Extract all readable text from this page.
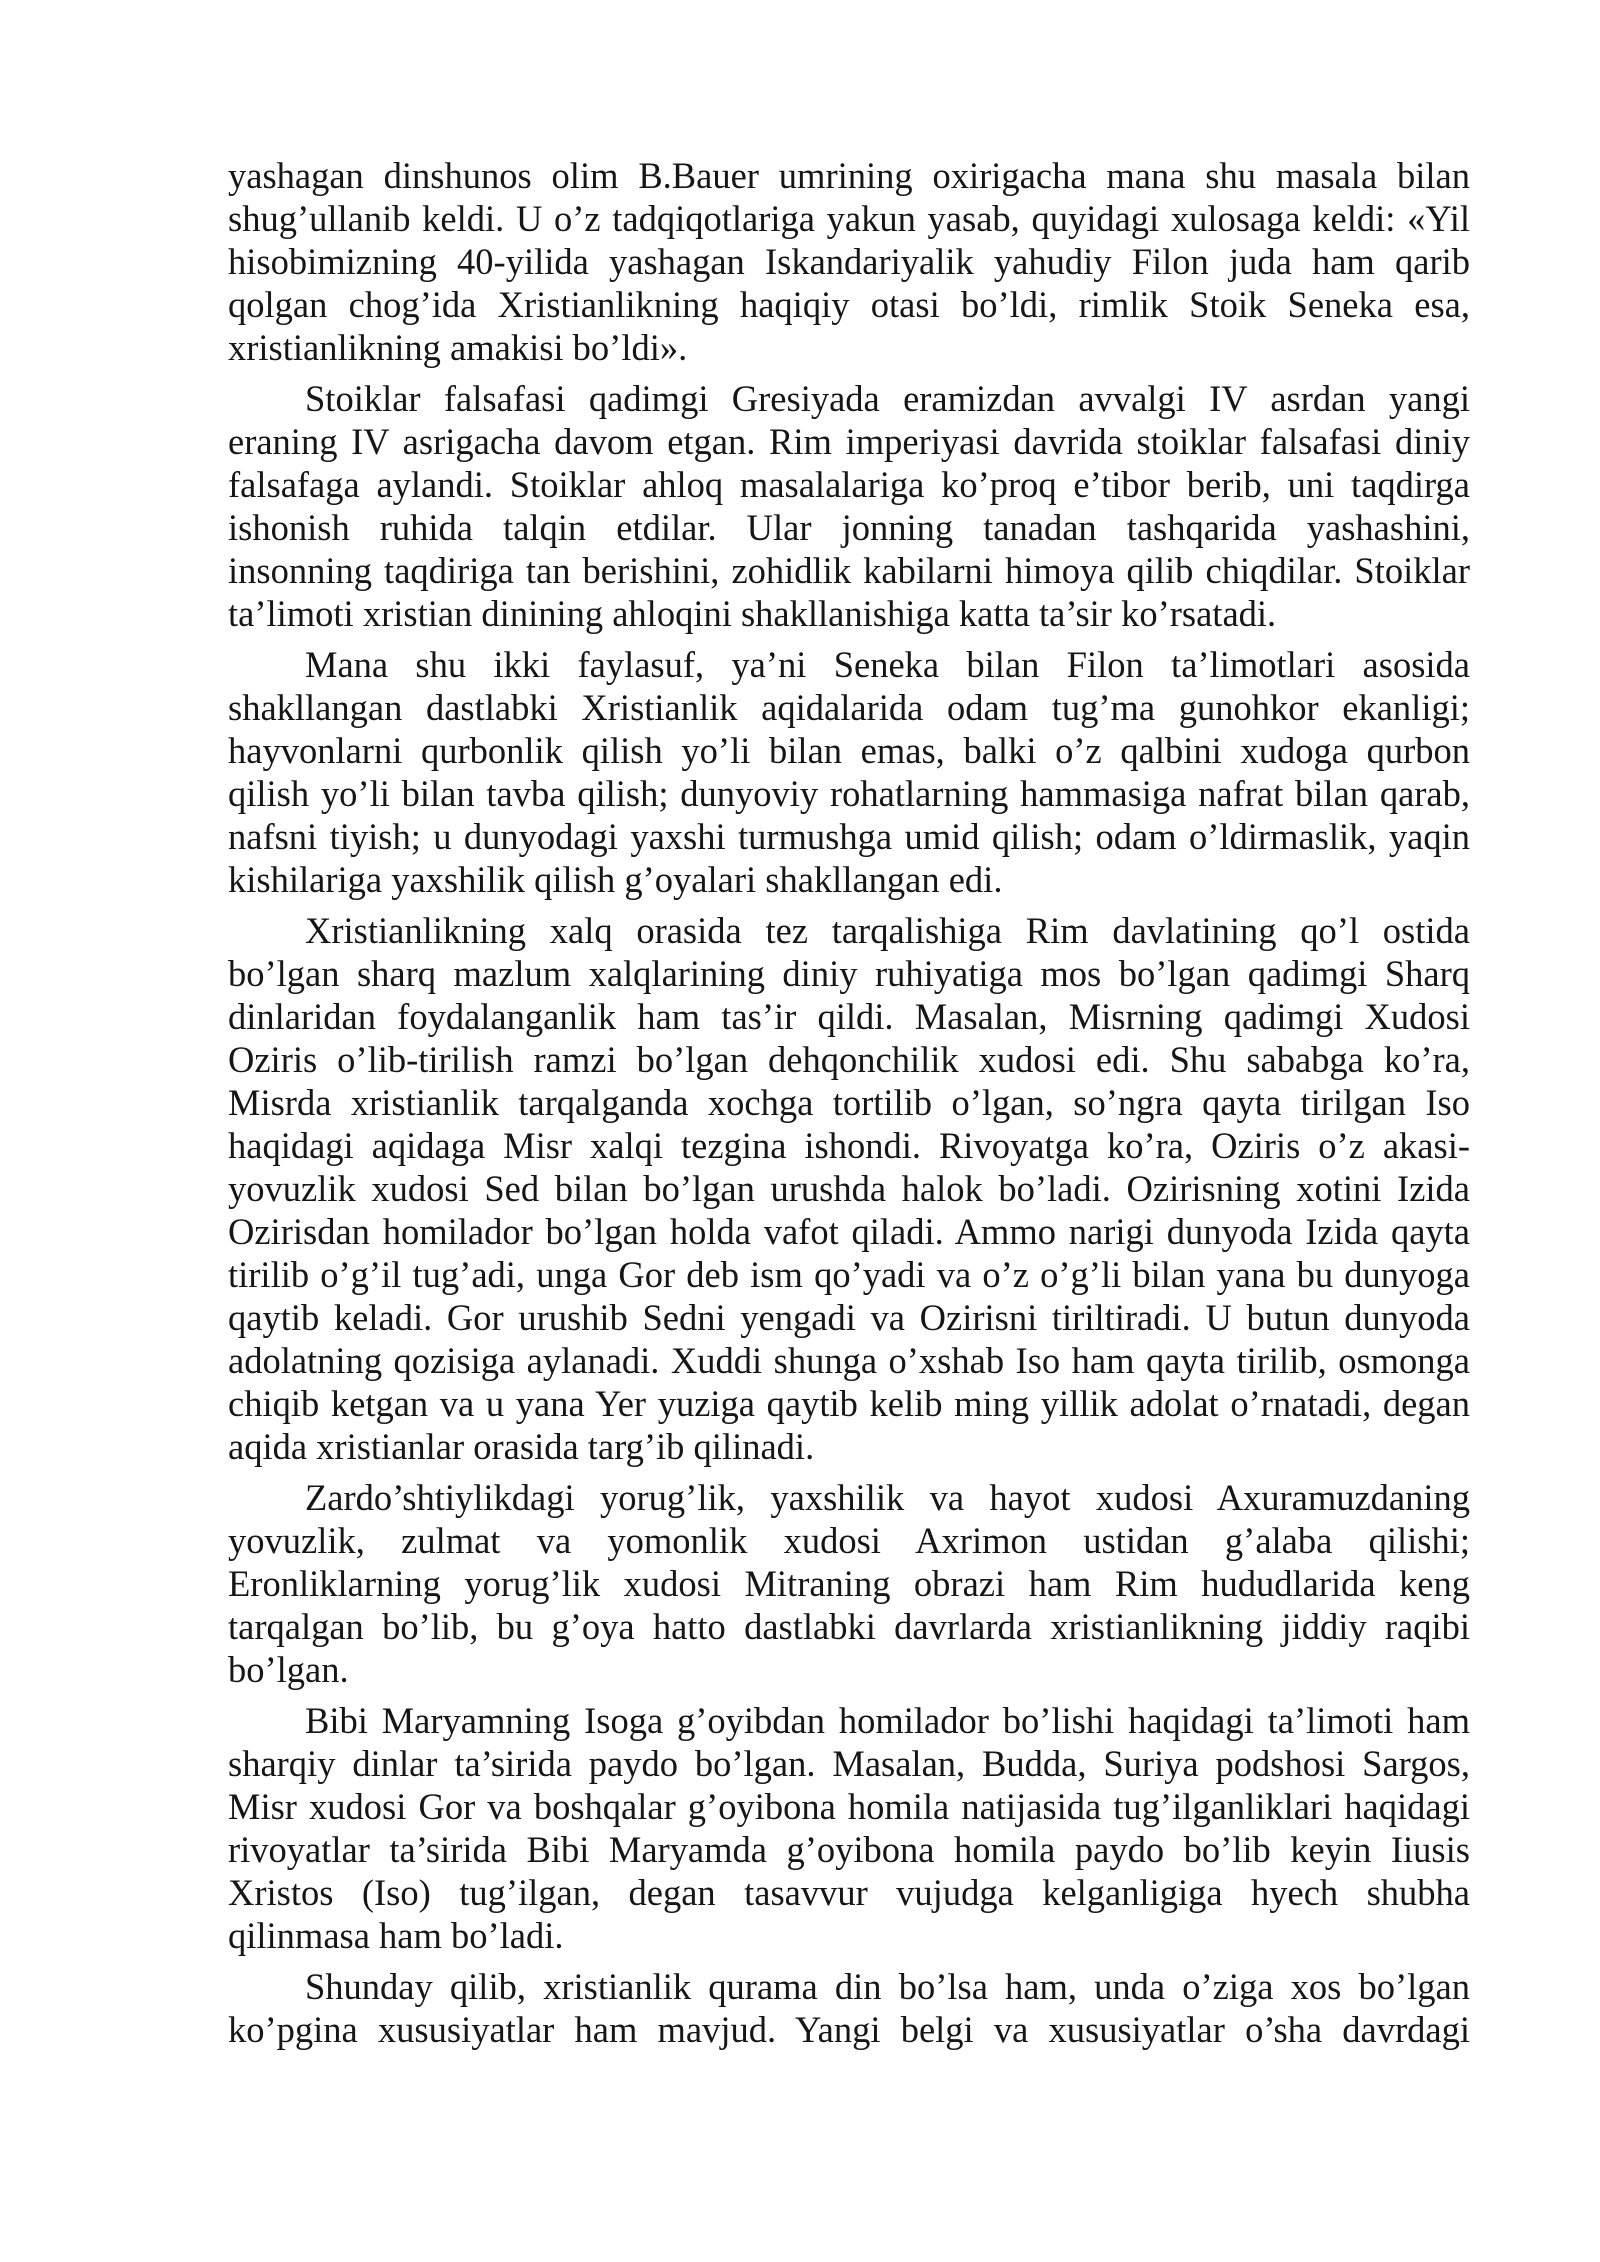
yashagan dinshunos olim B.Bauer umrining oxirigacha mana shu masala bilan
shug’ullanib keldi. U o’z tadqiqotlariga yakun yasab, quyidagi xulosaga keldi: «Yil
hisobimizning 40-yilida yashagan Iskandariyalik yahudiy Filon juda ham qarib
qolgan chog’ida Xristianlikning haqiqiy otasi bo’ldi, rimlik Stoik Seneka esa,
xristianlikning amakisi bo’ldi».
Stoiklar falsafasi qadimgi Gresiyada eramizdan avvalgi IV asrdan yangi
eraning IV asrigacha davom etgan. Rim imperiyasi davrida stoiklar falsafasi diniy
falsafaga aylandi. Stoiklar ahloq masalalariga ko’proq e’tibor berib, uni taqdirga
ishonish ruhida talqin etdilar. Ular jonning tanadan tashqarida yashashini,
insonning taqdiriga tan berishini, zohidlik kabilarni himoya qilib chiqdilar. Stoiklar
ta’limoti xristian dinining ahloqini shakllanishiga katta ta’sir ko’rsatadi.
Mana shu ikki faylasuf, ya’ni Seneka bilan Filon ta’limotlari asosida
shakllangan dastlabki Xristianlik aqidalarida odam tug’ma gunohkor ekanligi;
hayvonlarni qurbonlik qilish yo’li bilan emas, balki o’z qalbini xudoga qurbon
qilish yo’li bilan tavba qilish; dunyoviy rohatlarning hammasiga nafrat bilan qarab,
nafsni tiyish; u dunyodagi yaxshi turmushga umid qilish; odam o’ldirmaslik, yaqin
kishilariga yaxshilik qilish g’oyalari shakllangan edi.
Xristianlikning xalq orasida tez tarqalishiga Rim davlatining qo’l ostida
bo’lgan sharq mazlum xalqlarining diniy ruhiyatiga mos bo’lgan qadimgi Sharq
dinlaridan foydalanganlik ham tas’ir qildi. Masalan, Misrning qadimgi Xudosi
Oziris o’lib-tirilish ramzi bo’lgan dehqonchilik xudosi edi. Shu sababga ko’ra,
Misrda xristianlik tarqalganda xochga tortilib o’lgan, so’ngra qayta tirilgan Iso
haqidagi aqidaga Misr xalqi tezgina ishondi. Rivoyatga ko’ra, Oziris o’z akasi-
yovuzlik xudosi Sed bilan bo’lgan urushda halok bo’ladi. Ozirisning xotini Izida
Ozirisdan homilador bo’lgan holda vafot qiladi. Ammo narigi dunyoda Izida qayta
tirilib o’g’il tug’adi, unga Gor deb ism qo’yadi va o’z o’g’li bilan yana bu dunyoga
qaytib keladi. Gor urushib Sedni yengadi va Ozirisni tiriltiradi. U butun dunyoda
adolatning qozisiga aylanadi. Xuddi shunga o’xshab Iso ham qayta tirilib, osmonga
chiqib ketgan va u yana Yer yuziga qaytib kelib ming yillik adolat o’rnatadi, degan
aqida xristianlar orasida targ’ib qilinadi.
Zardo’shtiylikdagi yorug’lik, yaxshilik va hayot xudosi Axuramuzdaning
yovuzlik, zulmat va yomonlik xudosi Axrimon ustidan g’alaba qilishi;
Eronliklarning yorug’lik xudosi Mitraning obrazi ham Rim hududlarida keng
tarqalgan bo’lib, bu g’oya hatto dastlabki davrlarda xristianlikning jiddiy raqibi
bo’lgan.
Bibi Maryamning Isoga g’oyibdan homilador bo’lishi haqidagi ta’limoti ham
sharqiy dinlar ta’sirida paydo bo’lgan. Masalan, Budda, Suriya podshosi Sargos,
Misr xudosi Gor va boshqalar g’oyibona homila natijasida tug’ilganliklari haqidagi
rivoyatlar ta’sirida Bibi Maryamda g’oyibona homila paydo bo’lib keyin Iiusis
Xristos (Iso) tug’ilgan, degan tasavvur vujudga kelganligiga hyech shubha
qilinmasa ham bo’ladi.
Shunday qilib, xristianlik qurama din bo’lsa ham, unda o’ziga xos bo’lgan
ko’pgina xususiyatlar ham mavjud. Yangi belgi va xususiyatlar o’sha davrdagi
